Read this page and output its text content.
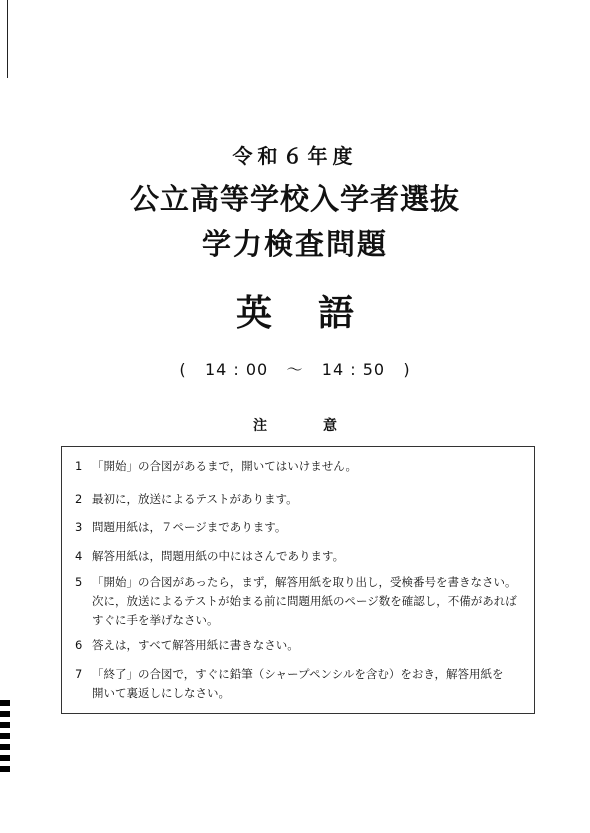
令和６年度
公立高等学校入学者選抜
学力検査問題
英語
( 14 : 00 ～ 14 : 50 )
注意
1 「開始」の合図があるまで，開いてはいけません。
2 最初に，放送によるテストがあります。
3 問題用紙は，７ページまであります。
4 解答用紙は，問題用紙の中にはさんであります。
5 「開始」の合図があったら，まず，解答用紙を取り出し，受検番号を書きなさい。
次に，放送によるテストが始まる前に問題用紙のページ数を確認し，不備があれば
すぐに手を挙げなさい。
6 答えは，すべて解答用紙に書きなさい。
7 「終了」の合図で，すぐに鉛筆（シャープペンシルを含む）をおき，解答用紙を
開いて裏返しにしなさい。
